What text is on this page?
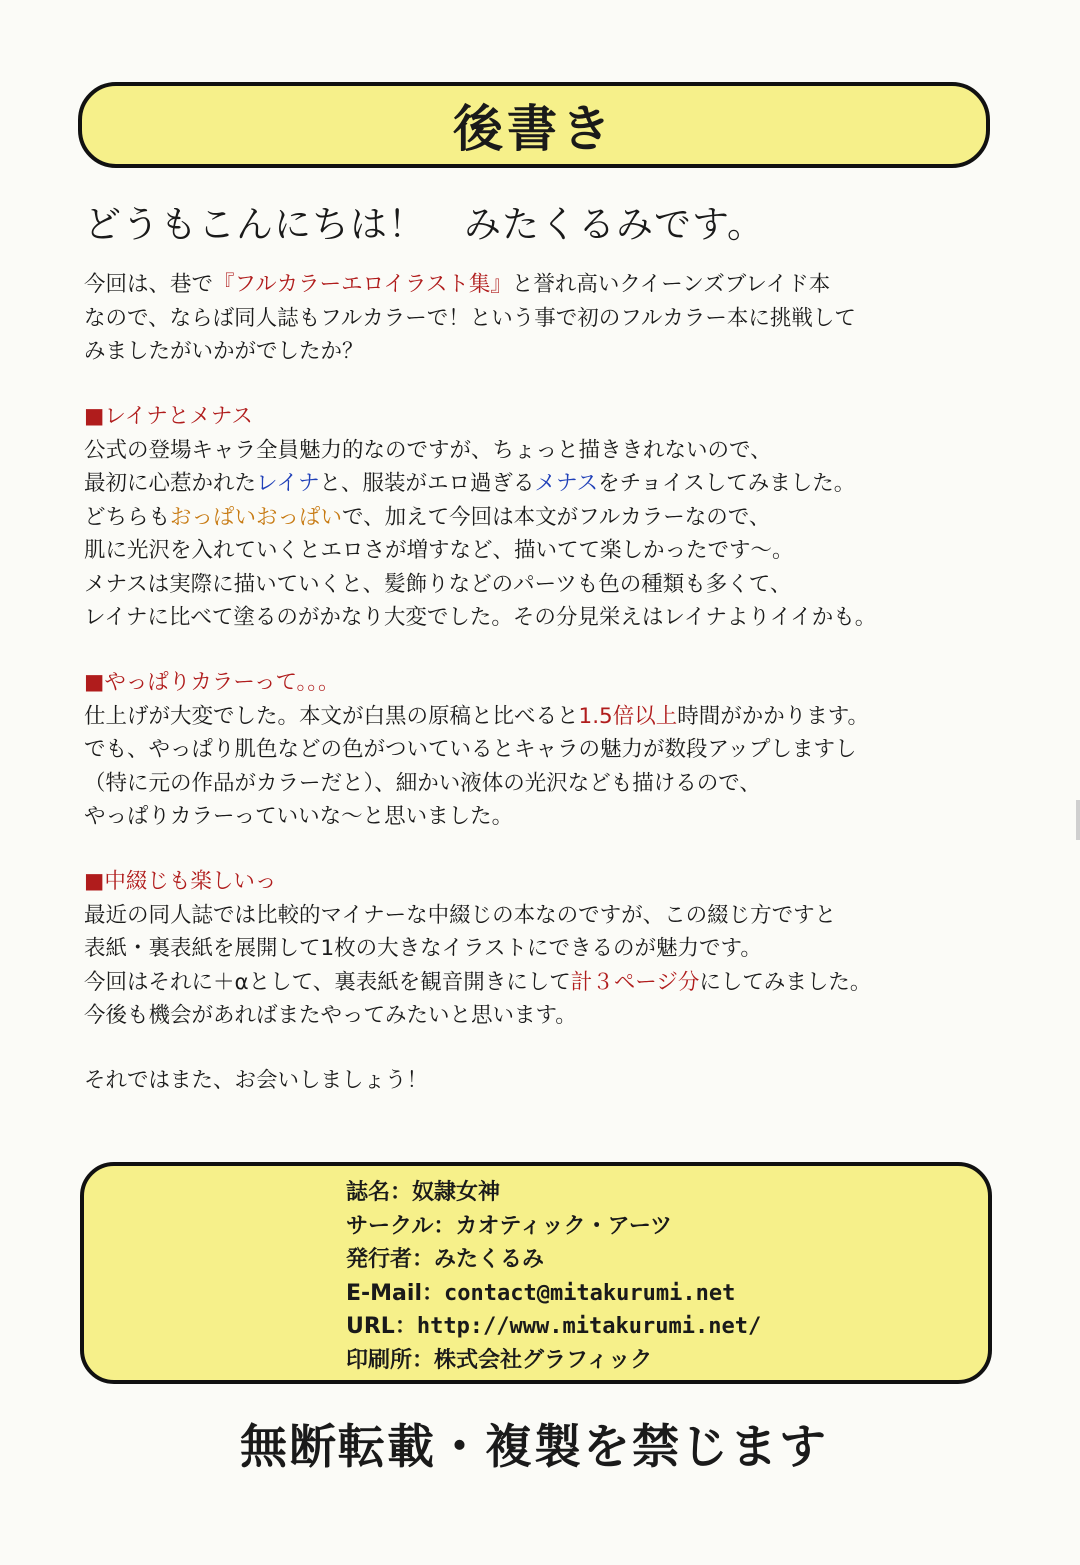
後書き
どうもこんにちは！　みたくるみです。

今回は、巷で『フルカラーエロイラスト集』と誉れ高いクイーンズブレイド本

なので、ならば同人誌もフルカラーで！という事で初のフルカラー本に挑戦して

みましたがいかがでしたか？

■レイナとメナス

公式の登場キャラ全員魅力的なのですが、ちょっと描ききれないので、

最初に心惹かれたレイナと、服装がエロ過ぎるメナスをチョイスしてみました。

どちらもおっぱいおっぱいで、加えて今回は本文がフルカラーなので、

肌に光沢を入れていくとエロさが増すなど、描いてて楽しかったです～。

メナスは実際に描いていくと、髪飾りなどのパーツも色の種類も多くて、

レイナに比べて塗るのがかなり大変でした。その分見栄えはレイナよりイイかも。

■やっぱりカラーって。。。

仕上げが大変でした。本文が白黒の原稿と比べると1.5倍以上時間がかかります。

でも、やっぱり肌色などの色がついているとキャラの魅力が数段アップしますし

（特に元の作品がカラーだと）、細かい液体の光沢なども描けるので、

やっぱりカラーっていいな～と思いました。

■中綴じも楽しいっ

最近の同人誌では比較的マイナーな中綴じの本なのですが、この綴じ方ですと

表紙・裏表紙を展開して1枚の大きなイラストにできるのが魅力です。

今回はそれに＋αとして、裏表紙を観音開きにして計３ページ分にしてみました。

今後も機会があればまたやってみたいと思います。

それではまた、お会いしましょう！

誌名：奴隷女神
サークル：カオティック・アーツ
発行者：みたくるみ
E-Mail：contact@mitakurumi.net
URL：http://www.mitakurumi.net/
印刷所：株式会社グラフィック
無断転載・複製を禁じます
